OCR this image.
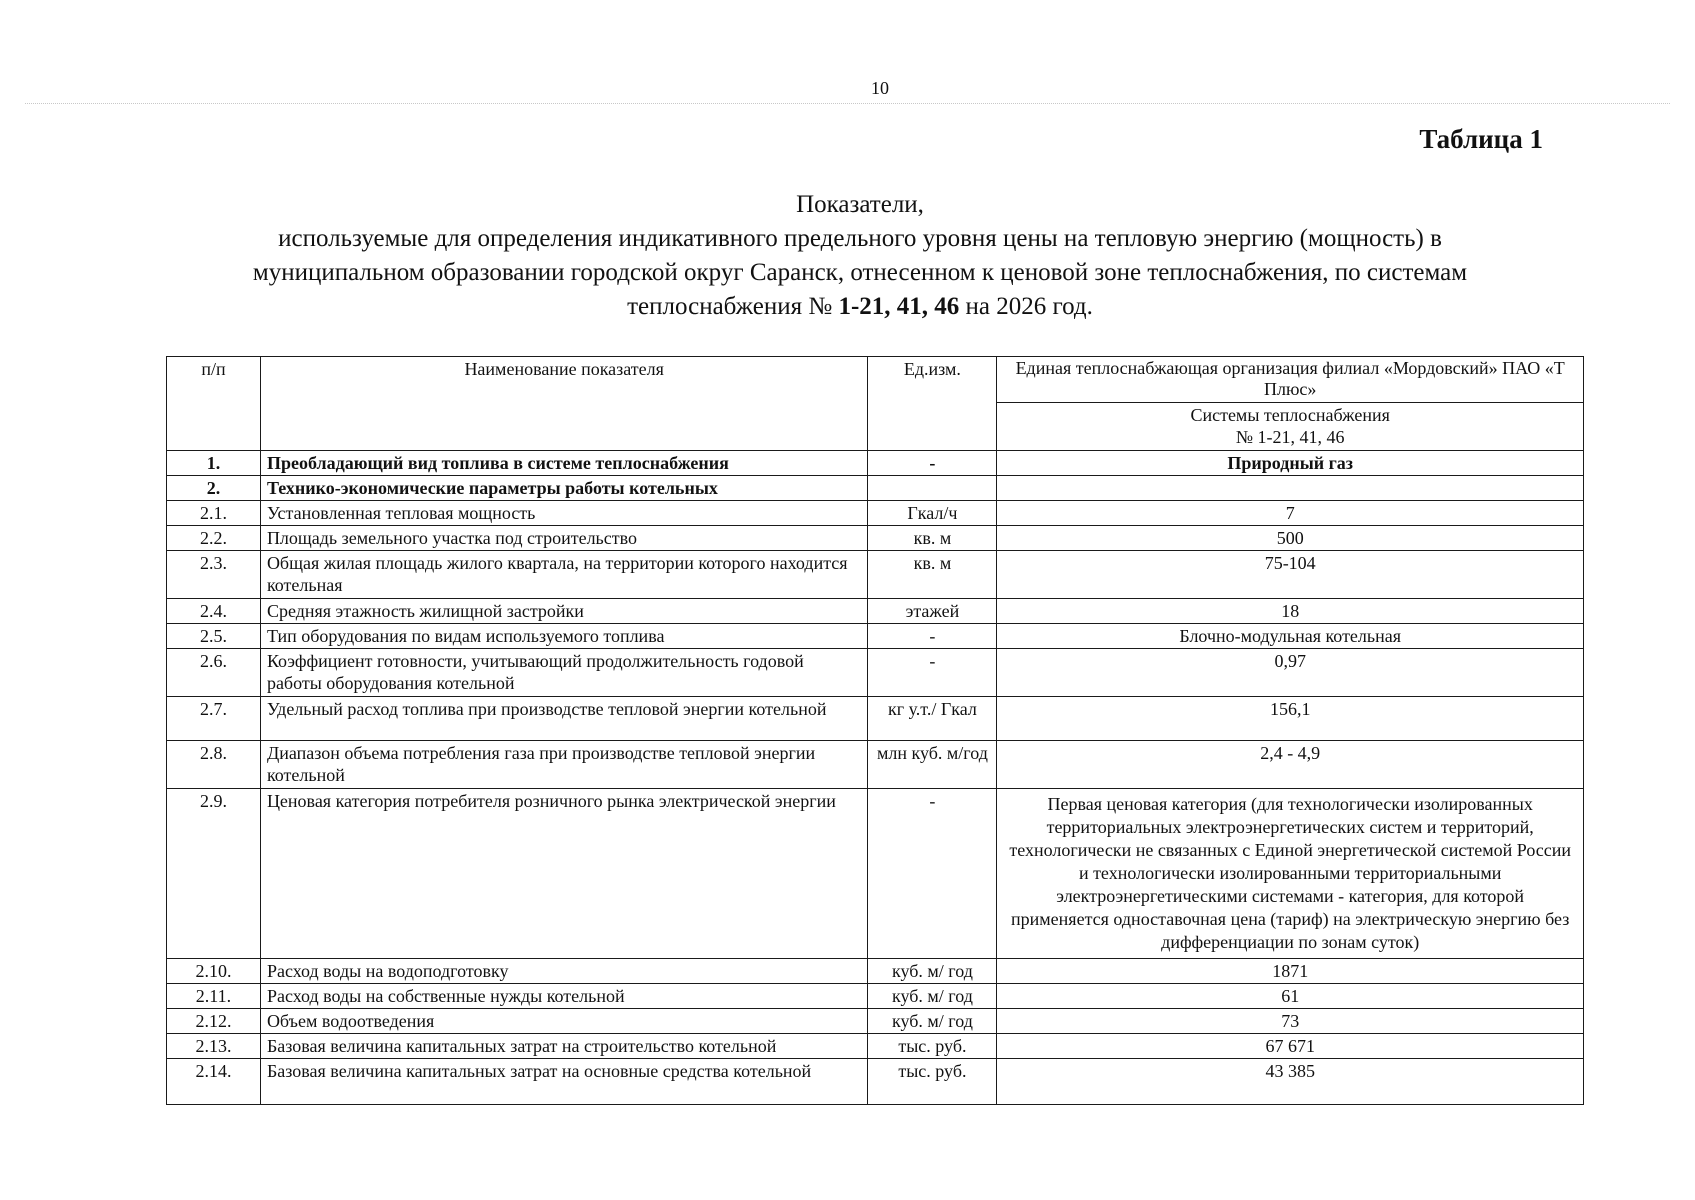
10
Таблица 1
Показатели,
используемые для определения индикативного предельного уровня цены на тепловую энергию (мощность) в
муниципальном образовании городской округ Саранск, отнесенном к ценовой зоне теплоснабжения, по системам
теплоснабжения № 1-21, 41, 46 на 2026 год.
п/п	Наименование показателя	Ед.изм.	Единая теплоснабжающая организация филиал «Мордовский» ПАО «Т Плюс»
			Системы теплоснабжения
№ 1-21, 41, 46
1.	Преобладающий вид топлива в системе теплоснабжения	-	Природный газ
2.	Технико-экономические параметры работы котельных		
2.1.	Установленная тепловая мощность	Гкал/ч	7
2.2.	Площадь земельного участка под строительство	кв. м	500
2.3.	Общая жилая площадь жилого квартала, на территории которого находится котельная	кв. м	75-104
2.4.	Средняя этажность жилищной застройки	этажей	18
2.5.	Тип оборудования по видам используемого топлива	-	Блочно-модульная котельная
2.6.	Коэффициент готовности, учитывающий продолжительность годовой работы оборудования котельной	-	0,97
2.7.	Удельный расход топлива при производстве тепловой энергии котельной	кг у.т./ Гкал	156,1
2.8.	Диапазон объема потребления газа при производстве тепловой энергии котельной	млн куб. м/год	2,4 - 4,9
2.9.	Ценовая категория потребителя розничного рынка электрической энергии	-	Первая ценовая категория (для технологически изолированных территориальных электроэнергетических систем и территорий, технологически не связанных с Единой энергетической системой России и технологически изолированными территориальными электроэнергетическими системами - категория, для которой применяется одноставочная цена (тариф) на электрическую энергию без дифференциации по зонам суток)
2.10.	Расход воды на водоподготовку	куб. м/ год	1871
2.11.	Расход воды на собственные нужды котельной	куб. м/ год	61
2.12.	Объем водоотведения	куб. м/ год	73
2.13.	Базовая величина капитальных затрат на строительство котельной	тыс. руб.	67 671
2.14.	Базовая величина капитальных затрат на основные средства котельной	тыс. руб.	43 385
